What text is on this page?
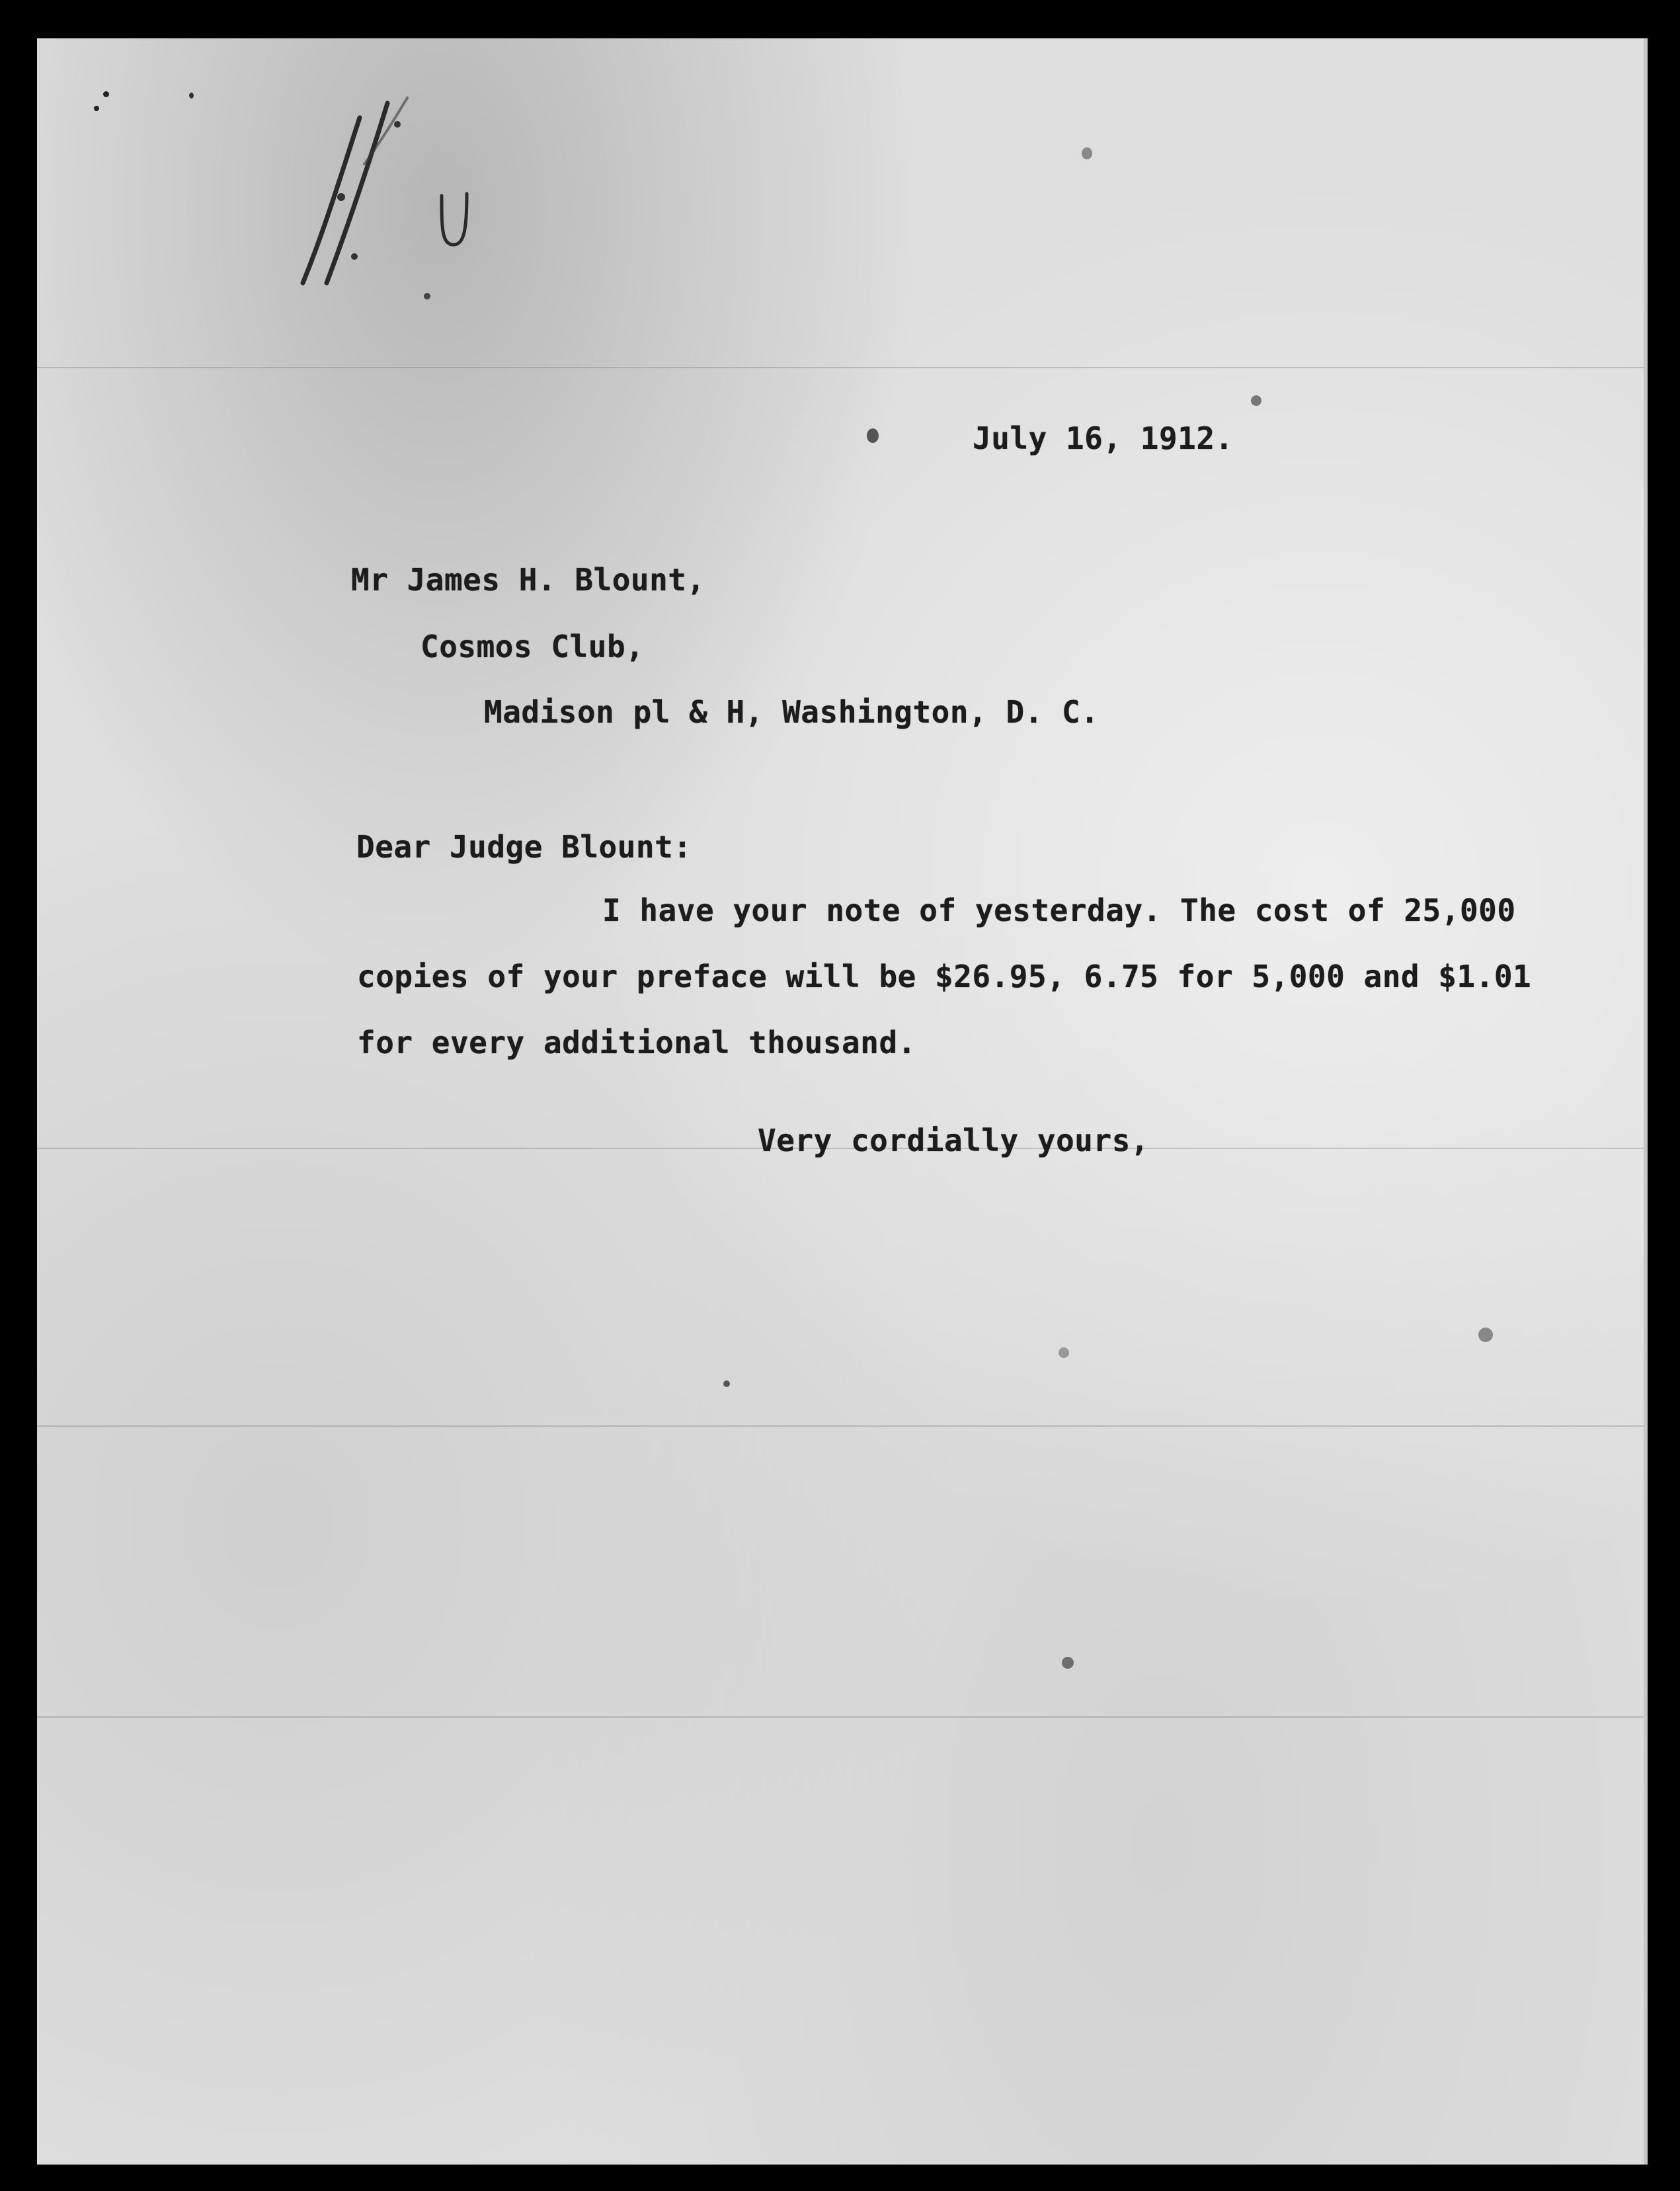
July 16, 1912.
Mr James H. Blount,
Cosmos Club,
Madison pl & H, Washington, D. C.
Dear Judge Blount:
I have your note of yesterday. The cost of 25,000
copies of your preface will be $26.95, 6.75 for 5,000 and $1.01
for every additional thousand.
Very cordially yours,
